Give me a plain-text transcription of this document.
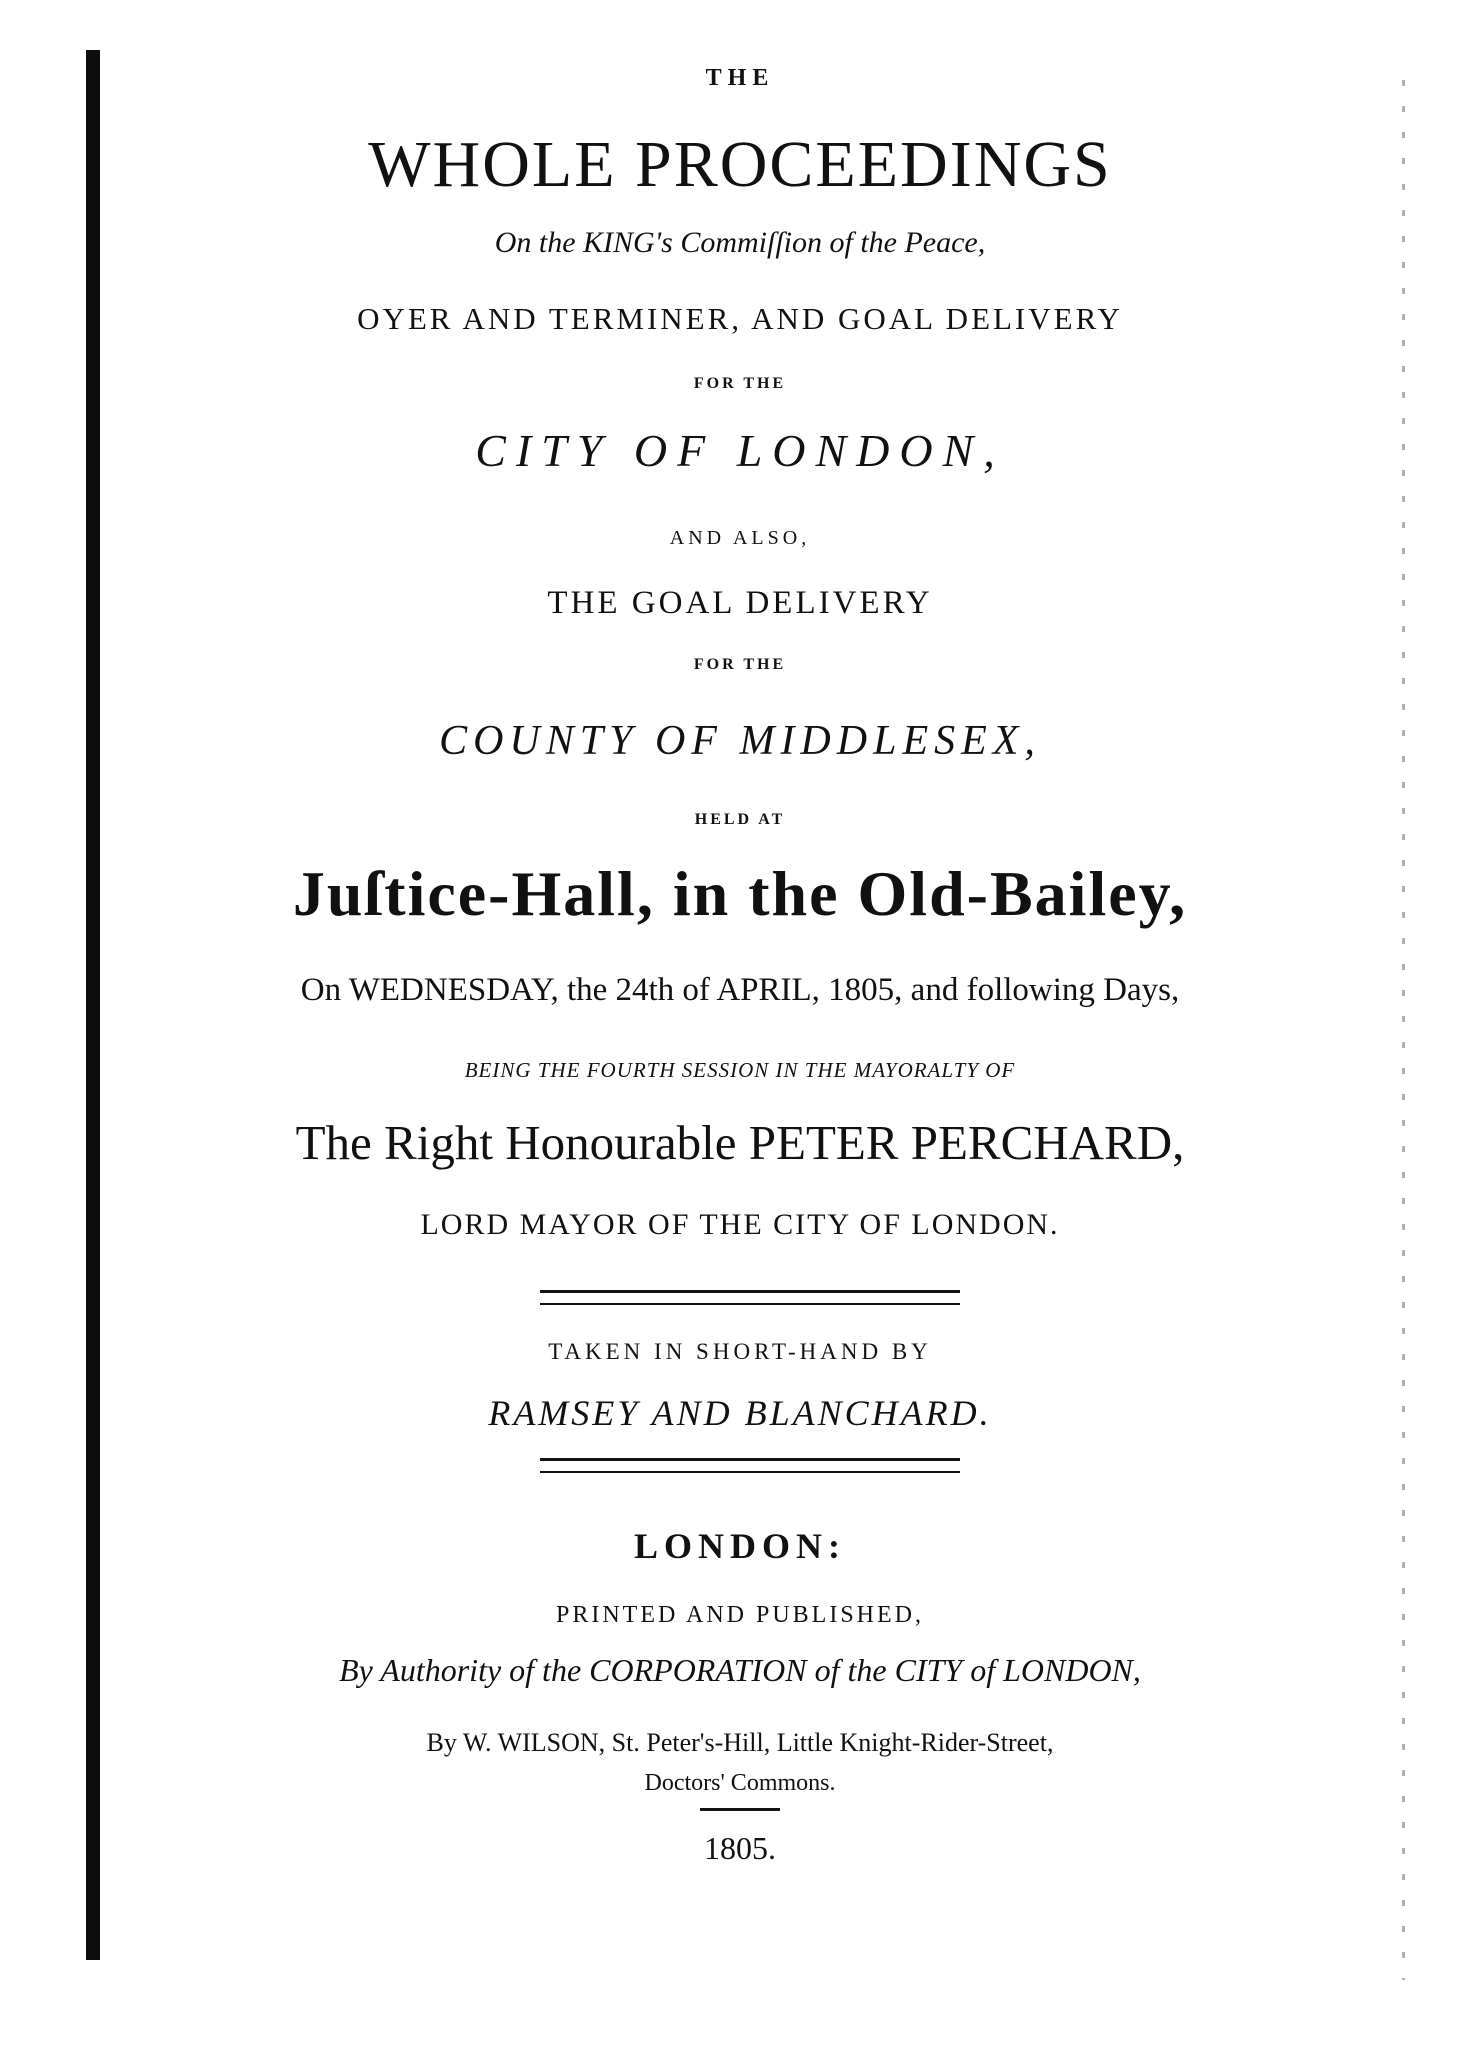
THE
WHOLE PROCEEDINGS
On the KING's Commiſſion of the Peace,
OYER AND TERMINER, AND GOAL DELIVERY
FOR THE
CITY OF LONDON,
AND ALSO,
THE GOAL DELIVERY
FOR THE
COUNTY OF MIDDLESEX,
HELD AT
Juſtice-Hall, in the Old-Bailey,
On WEDNESDAY, the 24th of APRIL, 1805, and following Days,
BEING THE FOURTH SESSION IN THE MAYORALTY OF
The Right Honourable PETER PERCHARD,
LORD MAYOR OF THE CITY OF LONDON.
TAKEN IN SHORT-HAND BY
RAMSEY AND BLANCHARD.
LONDON:
PRINTED AND PUBLISHED,
By Authority of the CORPORATION of the CITY of LONDON,
By W. WILSON, St. Peter's-Hill, Little Knight-Rider-Street,
Doctors' Commons.
1805.
